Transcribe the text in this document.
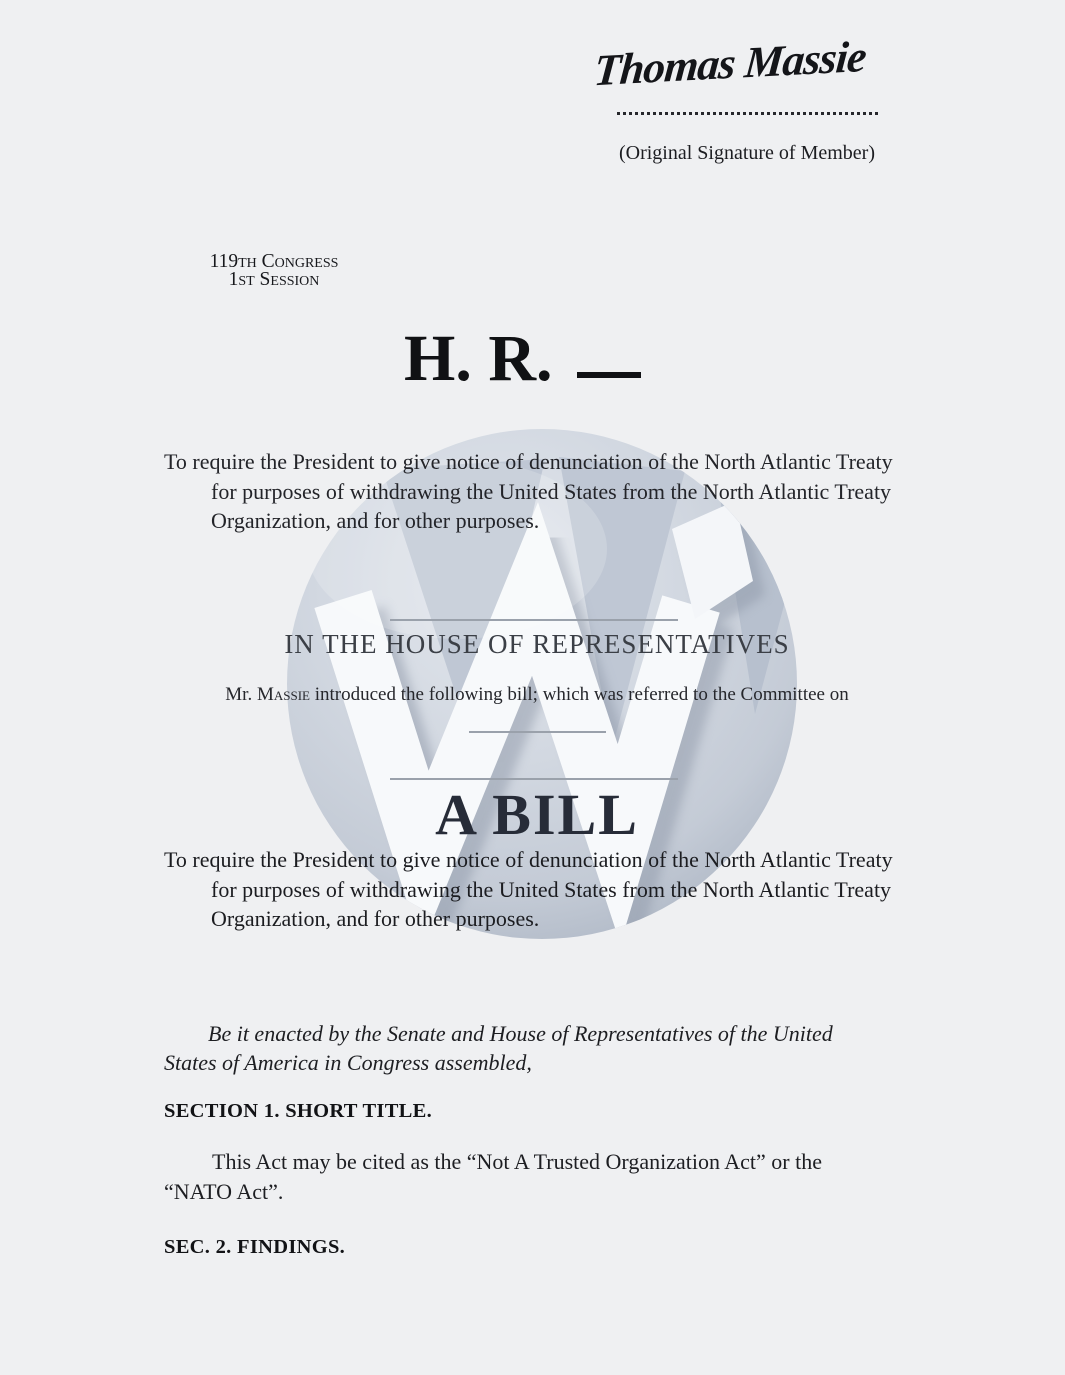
Thomas Massie
(Original Signature of Member)
119th Congress
1st Session
H. R.
To require the President to give notice of denunciation of the North Atlantic Treaty for purposes of withdrawing the United States from the North Atlantic Treaty Organization, and for other purposes.
IN THE HOUSE OF REPRESENTATIVES
Mr. Massie introduced the following bill; which was referred to the Committee on
A BILL
To require the President to give notice of denunciation of the North Atlantic Treaty for purposes of withdrawing the United States from the North Atlantic Treaty Organization, and for other purposes.
Be it enacted by the Senate and House of Representatives of the United States of America in Congress assembled,
SECTION 1. SHORT TITLE.
This Act may be cited as the “Not A Trusted Organization Act” or the “NATO Act”.
SEC. 2. FINDINGS.
